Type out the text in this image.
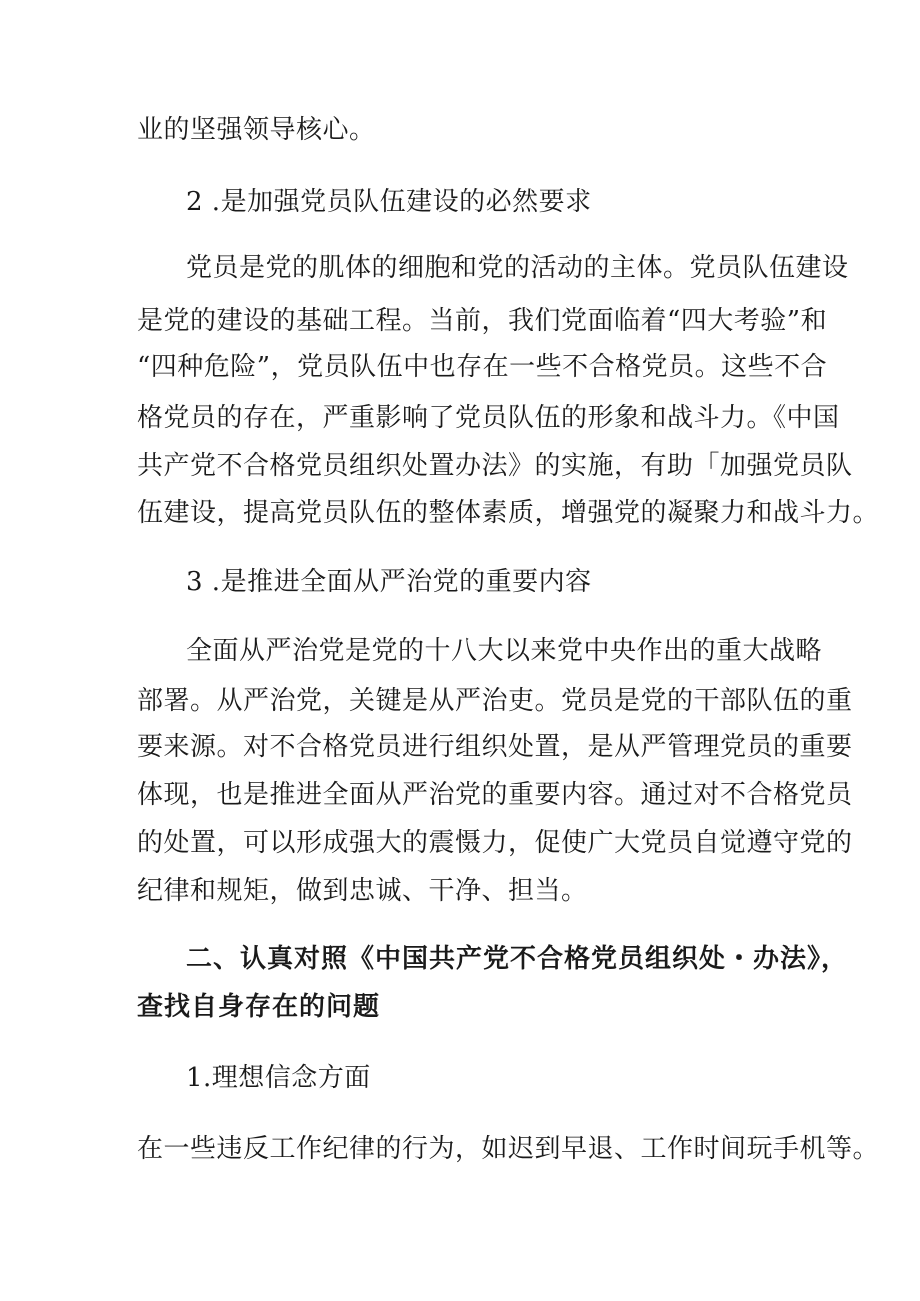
业的坚强领导核心。
2 .是加强党员队伍建设的必然要求
党员是党的肌体的细胞和党的活动的主体。党员队伍建设
是党的建设的基础工程。当前，我们党面临着“四大考验”和
“四种危险”，党员队伍中也存在一些不合格党员。这些不合
格党员的存在，严重影响了党员队伍的形象和战斗力。《中国
共产党不合格党员组织处置办法》的实施，有助「加强党员队
伍建设，提高党员队伍的整体素质，增强党的凝聚力和战斗力。
3 .是推进全面从严治党的重要内容
全面从严治党是党的十八大以来党中央作出的重大战略
部署。从严治党，关键是从严治吏。党员是党的干部队伍的重
要来源。对不合格党员进行组织处置，是从严管理党员的重要
体现，也是推进全面从严治党的重要内容。通过对不合格党员
的处置，可以形成强大的震慑力，促使广大党员自觉遵守党的
纪律和规矩，做到忠诚、干净、担当。
二、认真对照《中国共产党不合格党员组织处・办法》，
查找自身存在的问题
1.理想信念方面
在一些违反工作纪律的行为，如迟到早退、工作时间玩手机等。
